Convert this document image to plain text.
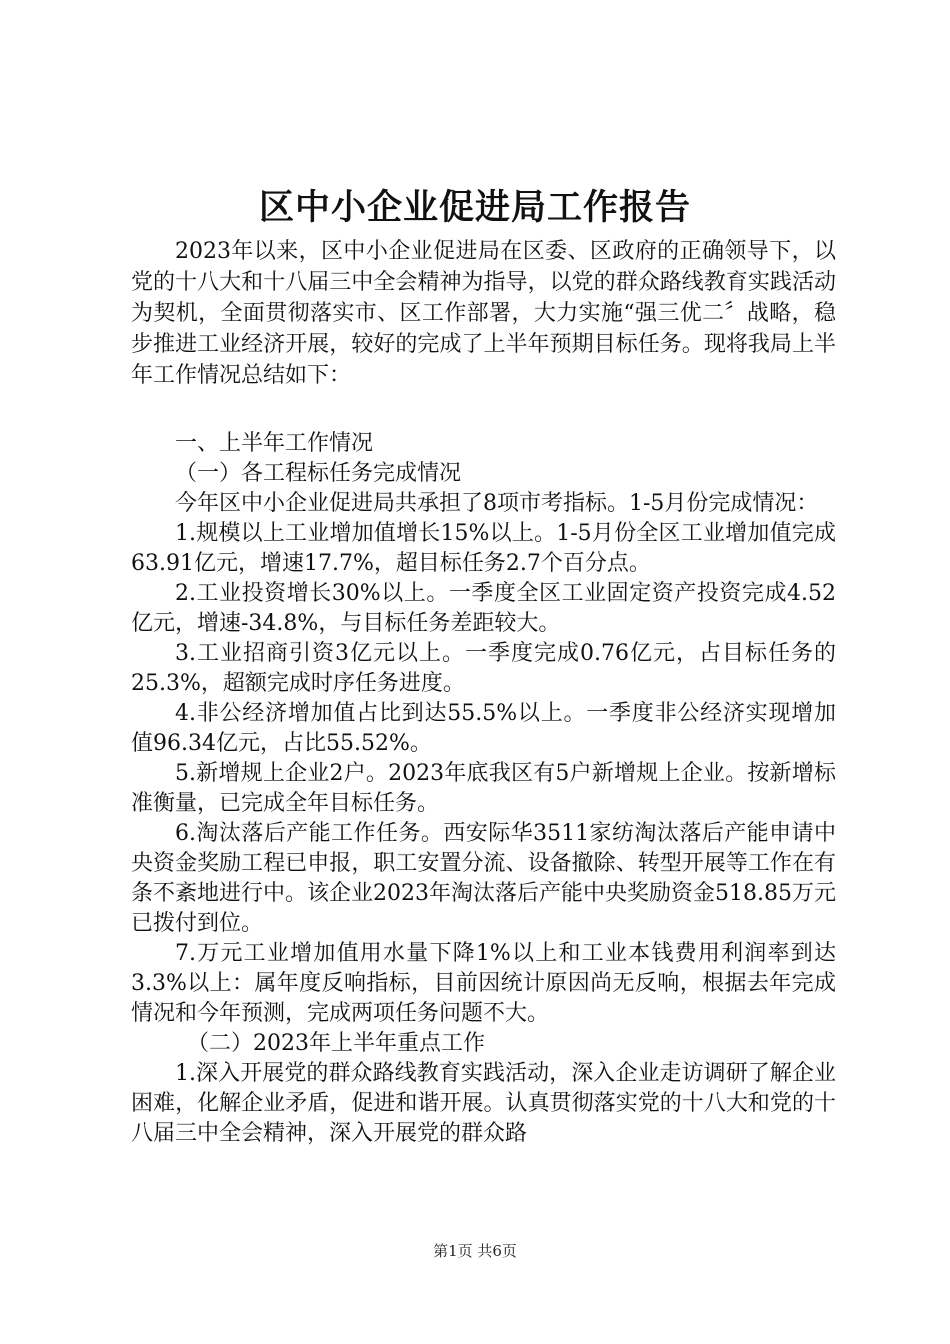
区中小企业促进局工作报告

2023年以来，区中小企业促进局在区委、区政府的正确领导下，以党的十八大和十八届三中全会精神为指导，以党的群众路线教育实践活动为契机，全面贯彻落实市、区工作部署，大力实施“强三优二〞战略，稳步推进工业经济开展，较好的完成了上半年预期目标任务。现将我局上半年工作情况总结如下：

一、上半年工作情况

（一）各工程标任务完成情况

今年区中小企业促进局共承担了8项市考指标。1-5月份完成情况：

1.规模以上工业增加值增长15%以上。1-5月份全区工业增加值完成63.91亿元，增速17.7%，超目标任务2.7个百分点。

2.工业投资增长30%以上。一季度全区工业固定资产投资完成4.52亿元，增速-34.8%，与目标任务差距较大。

3.工业招商引资3亿元以上。一季度完成0.76亿元，占目标任务的25.3%，超额完成时序任务进度。

4.非公经济增加值占比到达55.5%以上。一季度非公经济实现增加值96.34亿元，占比55.52%。

5.新增规上企业2户。2023年底我区有5户新增规上企业。按新增标准衡量，已完成全年目标任务。

6.淘汰落后产能工作任务。西安际华3511家纺淘汰落后产能申请中央资金奖励工程已申报，职工安置分流、设备撤除、转型开展等工作在有条不紊地进行中。该企业2023年淘汰落后产能中央奖励资金518.85万元已拨付到位。

7.万元工业增加值用水量下降1%以上和工业本钱费用利润率到达3.3%以上：属年度反响指标，目前因统计原因尚无反响，根据去年完成情况和今年预测，完成两项任务问题不大。

（二）2023年上半年重点工作

1.深入开展党的群众路线教育实践活动，深入企业走访调研了解企业困难，化解企业矛盾，促进和谐开展。认真贯彻落实党的十八大和党的十八届三中全会精神，深入开展党的群众路

第1页 共6页
